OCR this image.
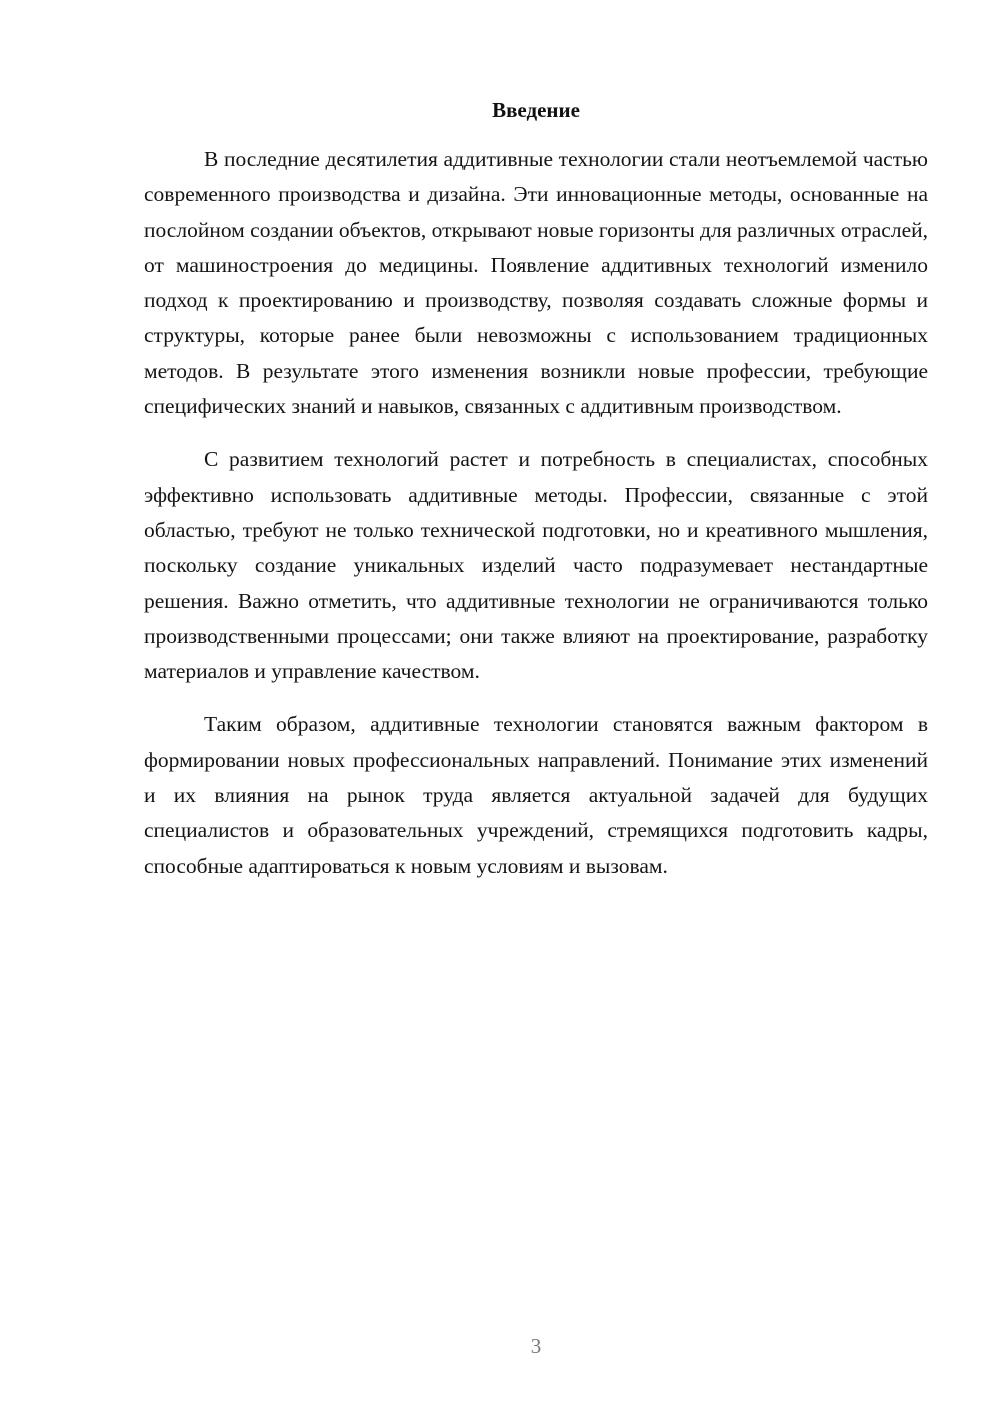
Введение

В последние десятилетия аддитивные технологии стали неотъемлемой частью современного производства и дизайна. Эти инновационные методы, основанные на послойном создании объектов, открывают новые горизонты для различных отраслей, от машиностроения до медицины. Появление аддитивных технологий изменило подход к проектированию и производству, позволяя создавать сложные формы и структуры, которые ранее были невозможны с использованием традиционных методов. В результате этого изменения возникли новые профессии, требующие специфических знаний и навыков, связанных с аддитивным производством.

С развитием технологий растет и потребность в специалистах, способных эффективно использовать аддитивные методы. Профессии, связанные с этой областью, требуют не только технической подготовки, но и креативного мышления, поскольку создание уникальных изделий часто подразумевает нестандартные решения. Важно отметить, что аддитивные технологии не ограничиваются только производственными процессами; они также влияют на проектирование, разработку материалов и управление качеством.

Таким образом, аддитивные технологии становятся важным фактором в формировании новых профессиональных направлений. Понимание этих изменений и их влияния на рынок труда является актуальной задачей для будущих специалистов и образовательных учреждений, стремящихся подготовить кадры, способные адаптироваться к новым условиям и вызовам.

3
